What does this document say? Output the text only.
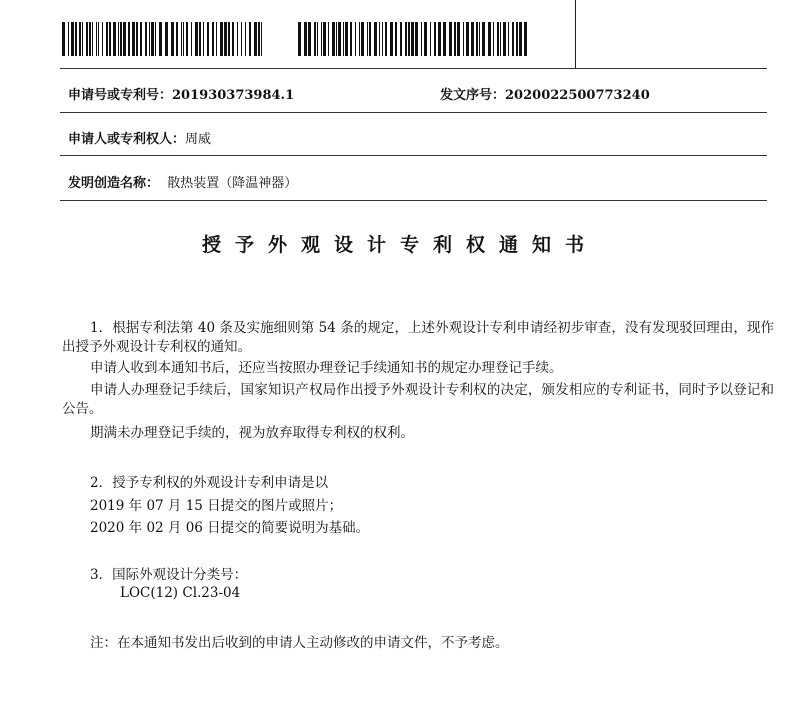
申请号或专利号：201930373984.1	发文序号：2020022500773240
申请人或专利权人：周威
发明创造名称： 散热装置（降温神器）
授予外观设计专利权通知书
1．根据专利法第 40 条及实施细则第 54 条的规定，上述外观设计专利申请经初步审查，没有发现驳回理由，现作出授予外观设计专利权的通知。
申请人收到本通知书后，还应当按照办理登记手续通知书的规定办理登记手续。
申请人办理登记手续后，国家知识产权局作出授予外观设计专利权的决定，颁发相应的专利证书，同时予以登记和公告。
期满未办理登记手续的，视为放弃取得专利权的权利。
2．授予专利权的外观设计专利申请是以
2019 年 07 月 15 日提交的图片或照片；
2020 年 02 月 06 日提交的简要说明为基础。
3．国际外观设计分类号：
LOC(12) Cl.23-04
注：在本通知书发出后收到的申请人主动修改的申请文件，不予考虑。
